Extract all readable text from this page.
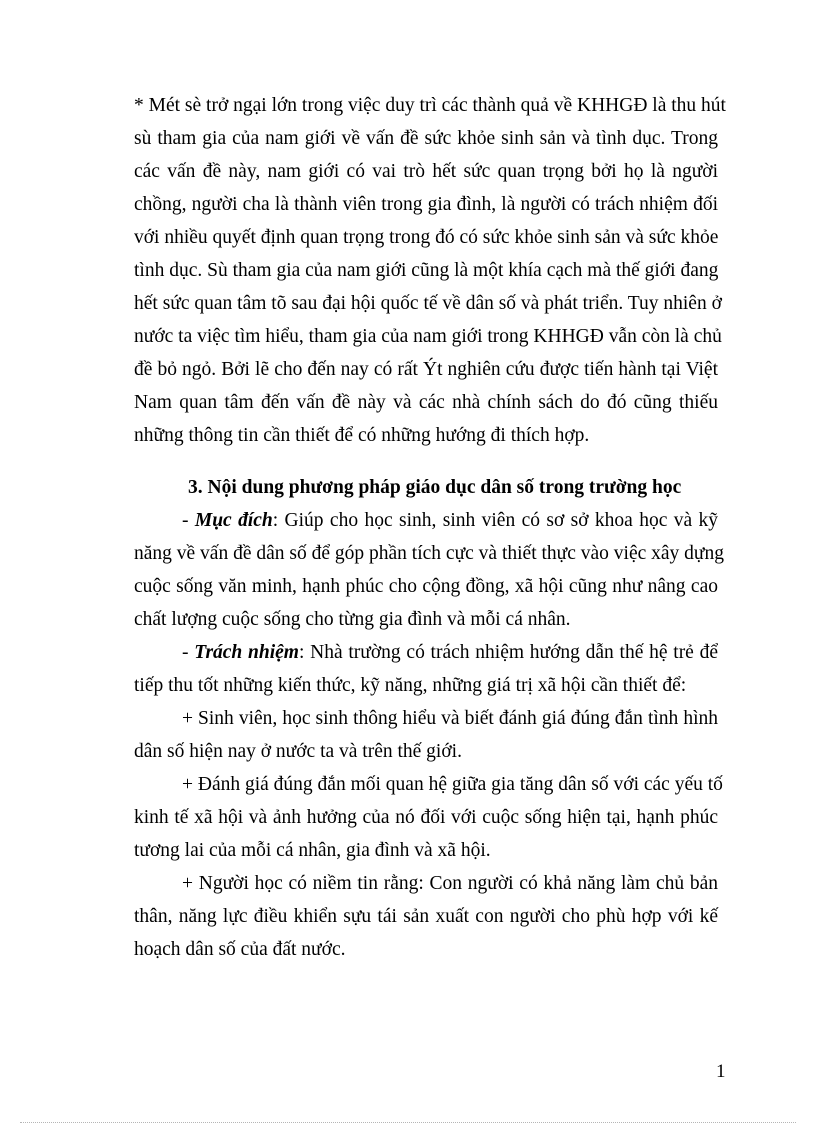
* Mét sè trở ngại lớn trong việc duy trì các thành quả về KHHGĐ là thu hút
sù tham gia của nam giới về vấn đề sức khỏe sinh sản và tình dục. Trong
các vấn đề này, nam giới có vai trò hết sức quan trọng bởi họ là người
chồng, người cha là thành viên trong gia đình, là người có trách nhiệm đối
với nhiều quyết định quan trọng trong đó có sức khỏe sinh sản và sức khỏe
tình dục. Sù tham gia của nam giới cũng là một khía cạch mà thế giới đang
hết sức quan tâm tõ sau đại hội quốc tế về dân số và phát triển. Tuy nhiên ở
nước ta việc tìm hiểu, tham gia của nam giới trong KHHGĐ vẫn còn là chủ
đề bỏ ngỏ. Bởi lẽ cho đến nay có rất Ýt nghiên cứu được tiến hành tại Việt
Nam quan tâm đến vấn đề này và các nhà chính sách do đó cũng thiếu
những thông tin cần thiết để có những hướng đi thích hợp.
3. Nội dung phương pháp giáo dục dân số trong trường học
- Mục đích: Giúp cho học sinh, sinh viên có sơ sở khoa học và kỹ
năng về vấn đề dân số để góp phần tích cực và thiết thực vào việc xây dựng
cuộc sống văn minh, hạnh phúc cho cộng đồng, xã hội cũng như nâng cao
chất lượng cuộc sống cho từng gia đình và mỗi cá nhân.
- Trách nhiệm: Nhà trường có trách nhiệm hướng dẫn thế hệ trẻ để
tiếp thu tốt những kiến thức, kỹ năng, những giá trị xã hội cần thiết để:
+ Sinh viên, học sinh thông hiểu và biết đánh giá đúng đắn tình hình
dân số hiện nay ở nước ta và trên thế giới.
+ Đánh giá đúng đắn mối quan hệ giữa gia tăng dân số với các yếu tố
kinh tế xã hội và ảnh hưởng của nó đối với cuộc sống hiện tại, hạnh phúc
tương lai của mỗi cá nhân, gia đình và xã hội.
+ Người học có niềm tin rằng: Con người có khả năng làm chủ bản
thân, năng lực điều khiển sựu tái sản xuất con người cho phù hợp với kế
hoạch dân số của đất nước.
1
